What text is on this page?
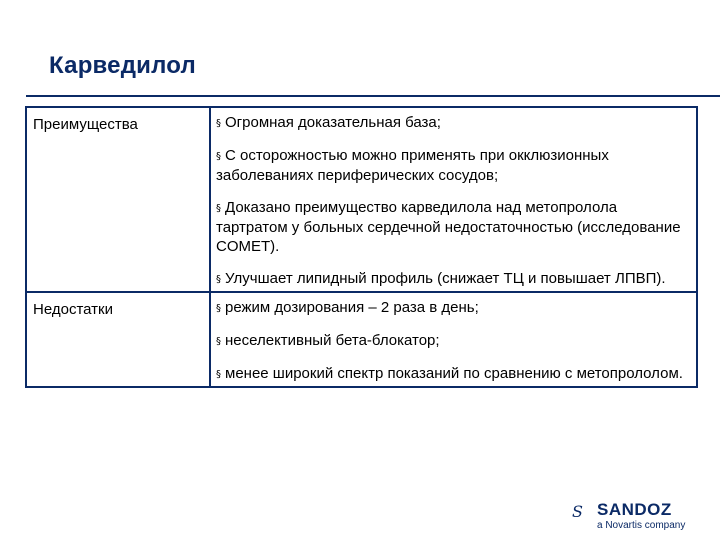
Карведилол
Преимущества	§ Огромная доказательная база;
§ С осторожностью можно применять при окклюзионных заболеваниях периферических сосудов;
§ Доказано преимущество карведилола над метопролола тартратом у больных сердечной недостаточностью (исследование COMET).
§ Улучшает липидный профиль (снижает ТЦ и повышает ЛПВП).

Недостатки	§ режим дозирования – 2 раза в день;
§ неселективный бета-блокатор;
§ менее широкий спектр показаний по сравнению с метопрололом.
S SANDOZ
a Novartis company
